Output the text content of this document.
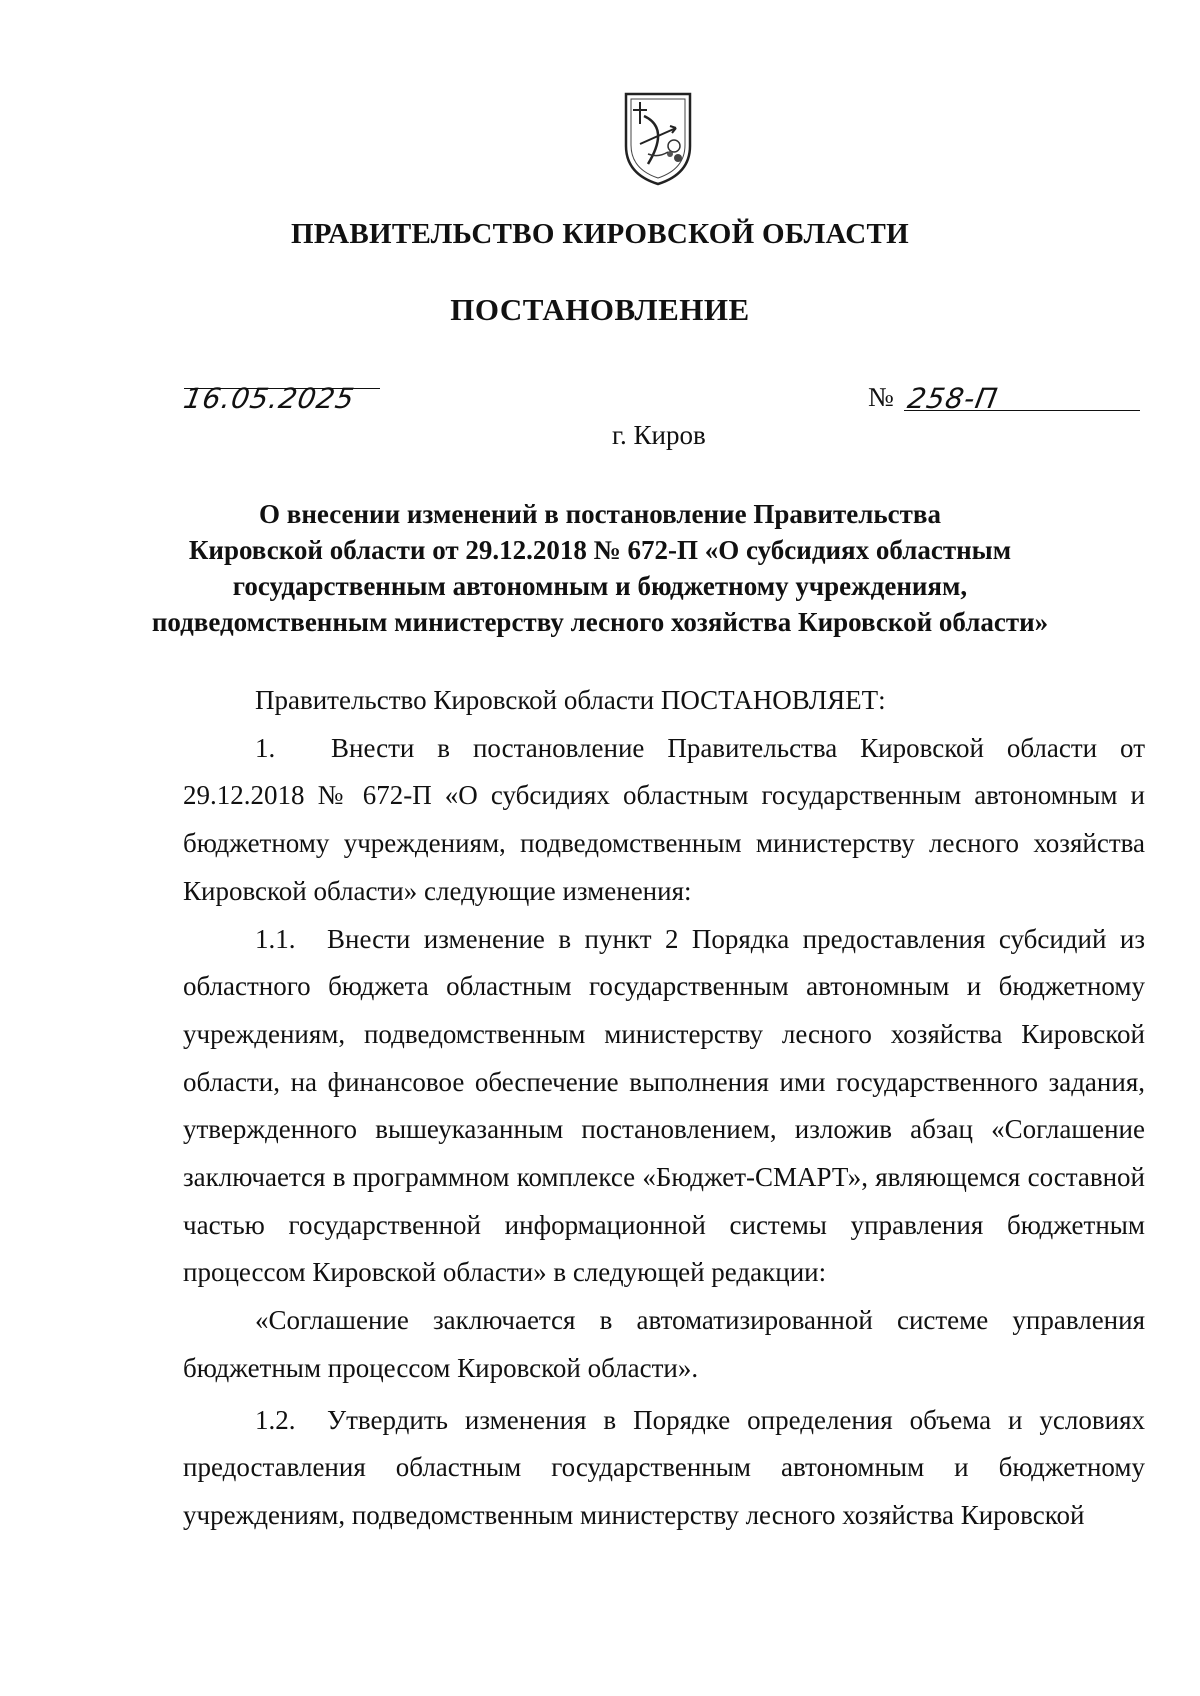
ПРАВИТЕЛЬСТВО КИРОВСКОЙ ОБЛАСТИ
ПОСТАНОВЛЕНИЕ
16.05.2025	№ 258-П
г. Киров
О внесении изменений в постановление Правительства
Кировской области от 29.12.2018 № 672-П «О субсидиях областным
государственным автономным и бюджетному учреждениям,
подведомственным министерству лесного хозяйства Кировской области»

Правительство Кировской области ПОСТАНОВЛЯЕТ:

1. Внести в постановление Правительства Кировской области от 29.12.2018 № 672-П «О субсидиях областным государственным автономным и бюджетному учреждениям, подведомственным министерству лесного хозяйства Кировской области» следующие изменения:

1.1. Внести изменение в пункт 2 Порядка предоставления субсидий из областного бюджета областным государственным автономным и бюджетному учреждениям, подведомственным министерству лесного хозяйства Кировской области, на финансовое обеспечение выполнения ими государственного задания, утвержденного вышеуказанным постановлением, изложив абзац «Соглашение заключается в программном комплексе «Бюджет-СМАРТ», являющемся составной частью государственной информационной системы управления бюджетным процессом Кировской области» в следующей редакции:

«Соглашение заключается в автоматизированной системе управления бюджетным процессом Кировской области».

1.2. Утвердить изменения в Порядке определения объема и условиях предоставления областным государственным автономным и бюджетному учреждениям, подведомственным министерству лесного хозяйства Кировской
